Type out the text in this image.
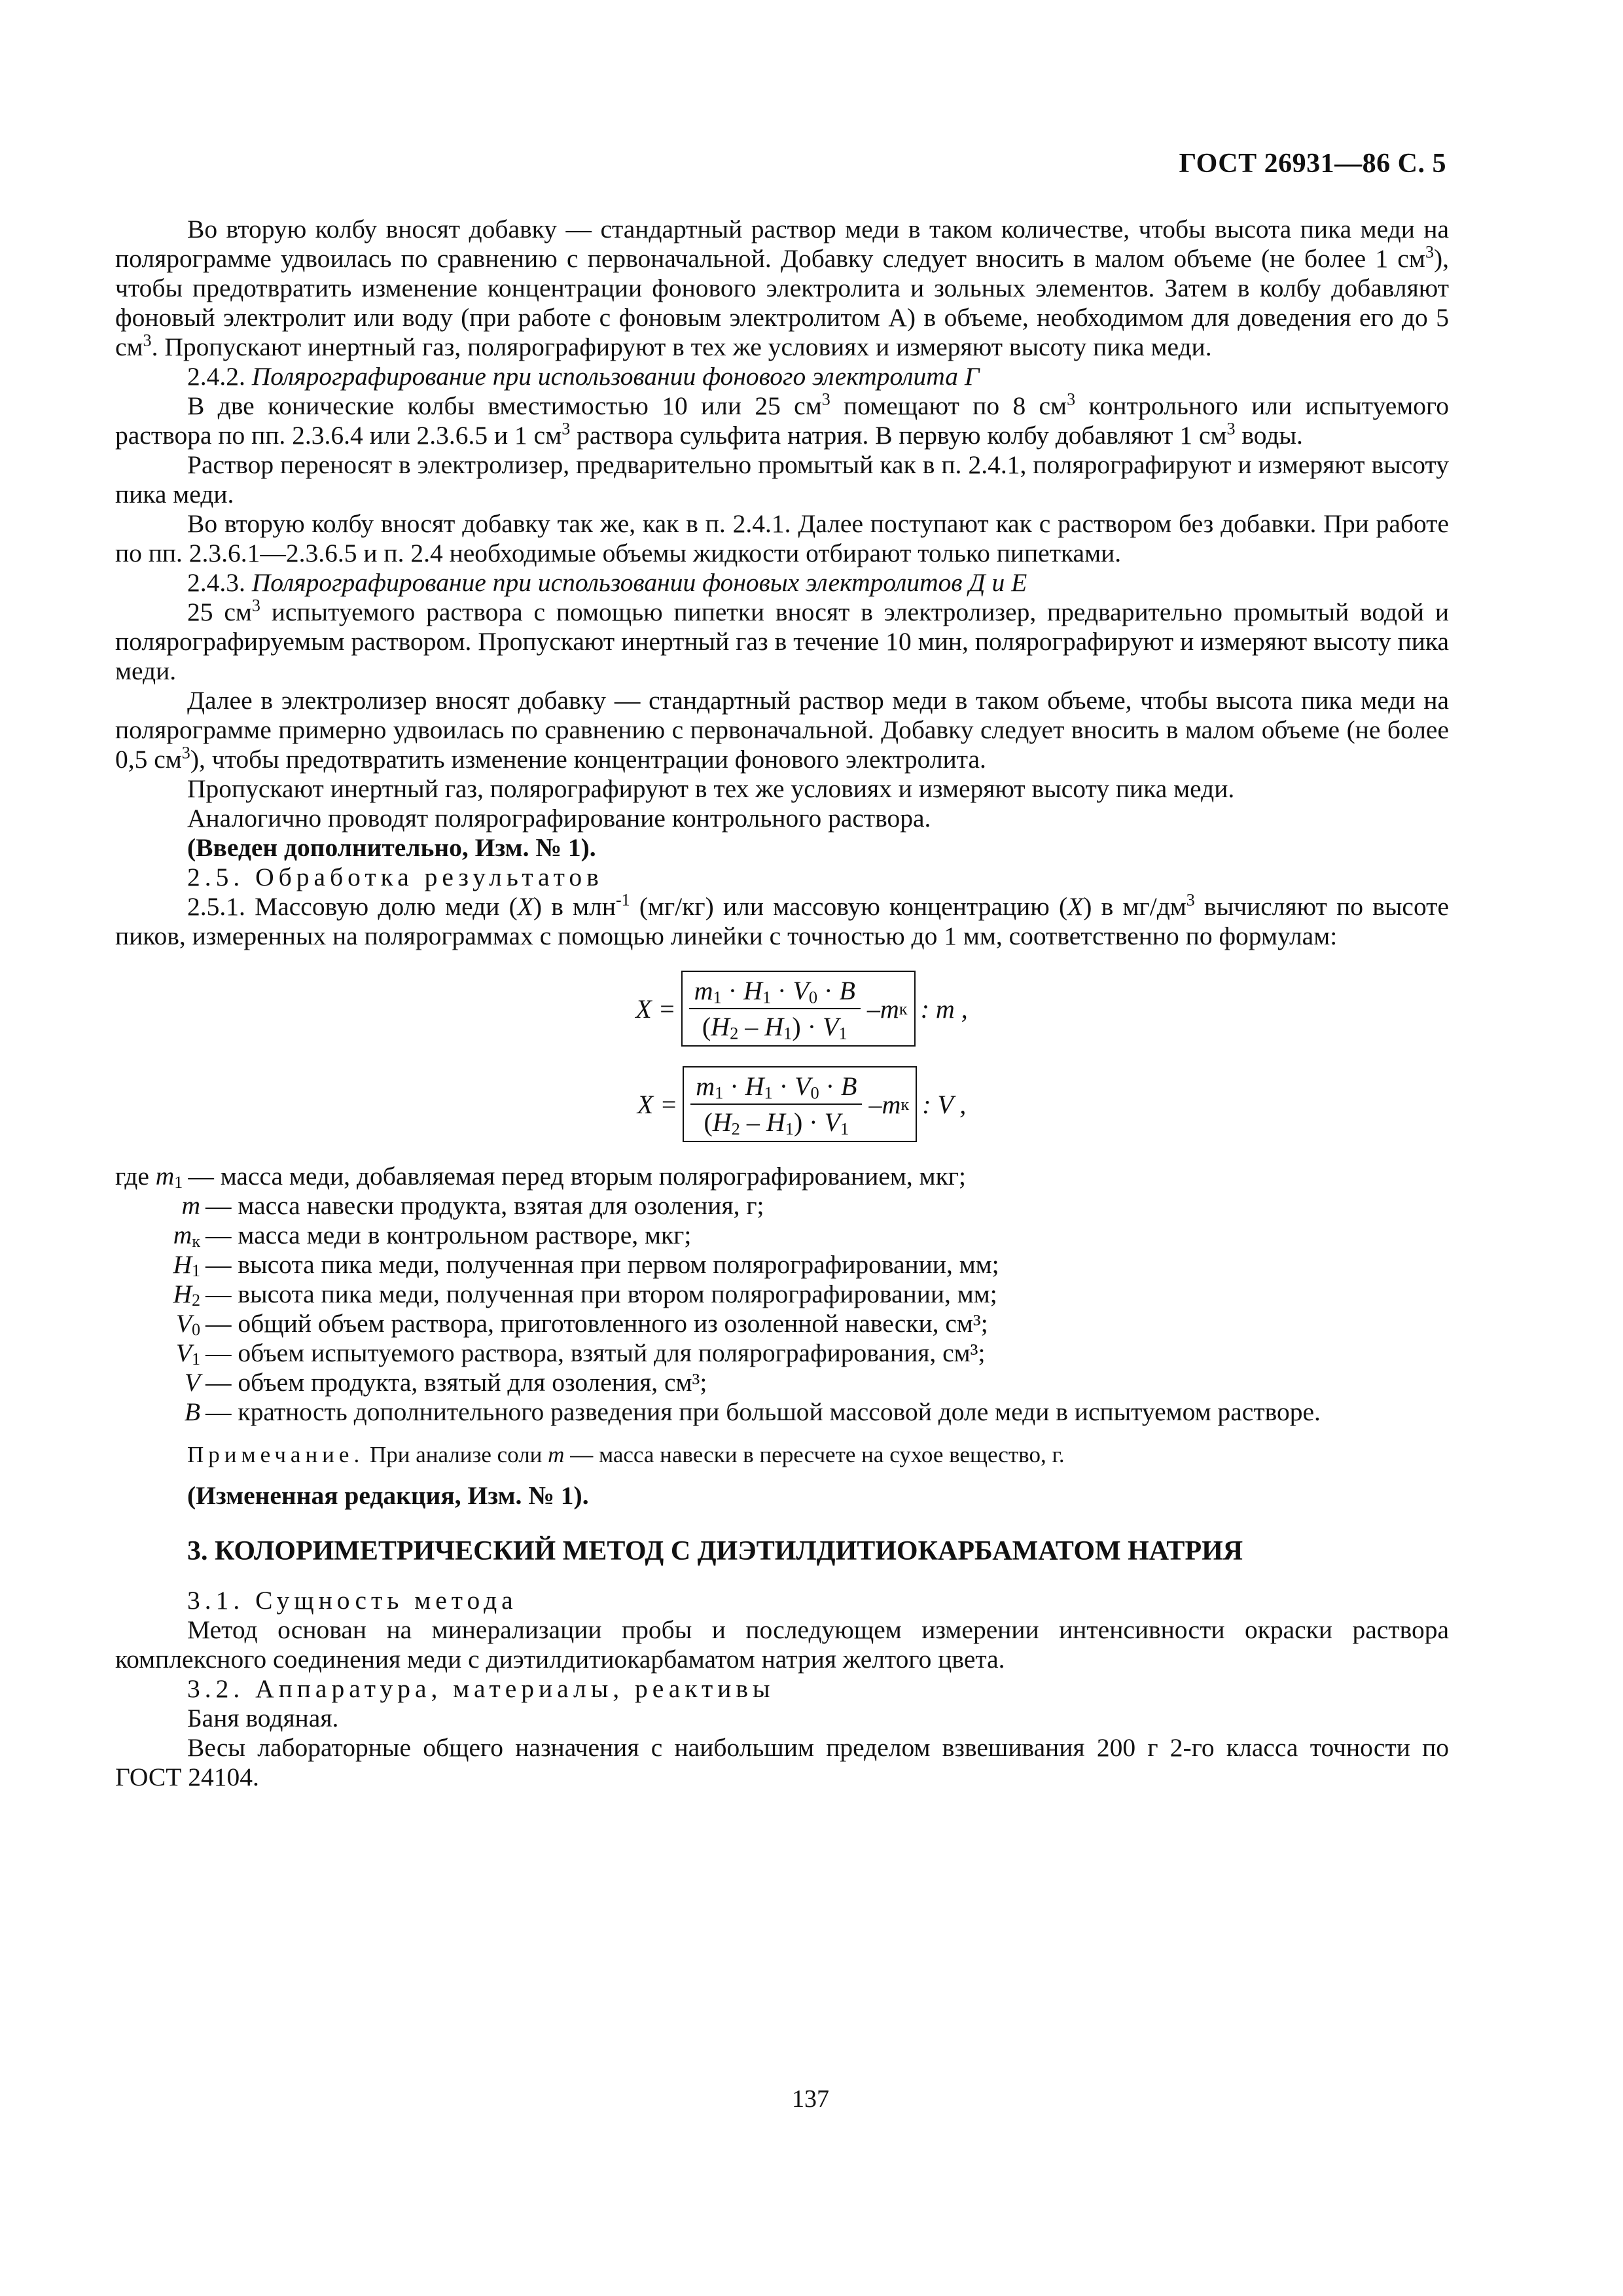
ГОСТ 26931—86 С. 5

Во вторую колбу вносят добавку — стандартный раствор меди в таком количестве, чтобы высота пика меди на полярограмме удвоилась по сравнению с первоначальной. Добавку следует вносить в малом объеме (не более 1 $см^3$), чтобы предотвратить изменение концентрации фонового электролита и зольных элементов. Затем в колбу добавляют фоновый электролит или воду (при работе с фоновым электролитом А) в объеме, необходимом для доведения его до 5 $см^3$. Пропускают инертный газ, полярографируют в тех же условиях и измеряют высоту пика меди.

2.4.2. Полярографирование при использовании фонового электролита Г

В две конические колбы вместимостью 10 или 25 $см^3$ помещают по 8 $см^3$ контрольного или испытуемого раствора по пп. 2.3.6.4 или 2.3.6.5 и 1 $см^3$ раствора сульфита натрия. В первую колбу добавляют 1 $см^3$ воды.

Раствор переносят в электролизер, предварительно промытый как в п. 2.4.1, полярографируют и измеряют высоту пика меди.

Во вторую колбу вносят добавку так же, как в п. 2.4.1. Далее поступают как с раствором без добавки. При работе по пп. 2.3.6.1—2.3.6.5 и п. 2.4 необходимые объемы жидкости отбирают только пипетками.

2.4.3. Полярографирование при использовании фоновых электролитов Д и Е

25 $см^3$ испытуемого раствора с помощью пипетки вносят в электролизер, предварительно промытый водой и полярографируемым раствором. Пропускают инертный газ в течение 10 мин, полярографируют и измеряют высоту пика меди.

Далее в электролизер вносят добавку — стандартный раствор меди в таком объеме, чтобы высота пика меди на полярограмме примерно удвоилась по сравнению с первоначальной. Добавку следует вносить в малом объеме (не более 0,5 $см^3$), чтобы предотвратить изменение концентрации фонового электролита.

Пропускают инертный газ, полярографируют в тех же условиях и измеряют высоту пика меди.

Аналогично проводят полярографирование контрольного раствора.

(Введен дополнительно, Изм. № 1).

2.5. Обработка результатов

2.5.1. Массовую долю меди (X) в млн$^{-1}$ (мг/кг) или массовую концентрацию (X) в $мг/дм^3$ вычисляют по высоте пиков, измеренных на полярограммах с помощью линейки с точностью до 1 мм, соответственно по формулам:

$X = \frac{m_1 \cdot H_1 \cdot V_0 \cdot B}{(H_2 - H_1) \cdot V_1} - m$ к : m ,
$X = \frac{m_1 \cdot H_1 \cdot V_0 \cdot B}{(H_2 - H_1) \cdot V_1} - m$ к : V ,
где $m_1$ — масса меди, добавляемая перед вторым полярографированием, мкг;
m — масса навески продукта, взятая для озоления, г;
$m_к$ — масса меди в контрольном растворе, мкг;
$H_1$ — высота пика меди, полученная при первом полярографировании, мм;
$H_2$ — высота пика меди, полученная при втором полярографировании, мм;
$V_0$ — общий объем раствора, приготовленного из озоленной навески, см³;
$V_1$ — объем испытуемого раствора, взятый для полярографирования, см³;
V — объем продукта, взятый для озоления, см³;
B — кратность дополнительного разведения при большой массовой доле меди в испытуемом растворе.

Примечание. При анализе соли m — масса навески в пересчете на сухое вещество, г.

(Измененная редакция, Изм. № 1).

3. КОЛОРИМЕТРИЧЕСКИЙ МЕТОД С ДИЭТИЛДИТИОКАРБАМАТОМ НАТРИЯ

3.1. Сущность метода

Метод основан на минерализации пробы и последующем измерении интенсивности окраски раствора комплексного соединения меди с диэтилдитиокарбаматом натрия желтого цвета.

3.2. Аппаратура, материалы, реактивы

Баня водяная.

Весы лабораторные общего назначения с наибольшим пределом взвешивания 200 г 2-го класса точности по ГОСТ 24104.

137
